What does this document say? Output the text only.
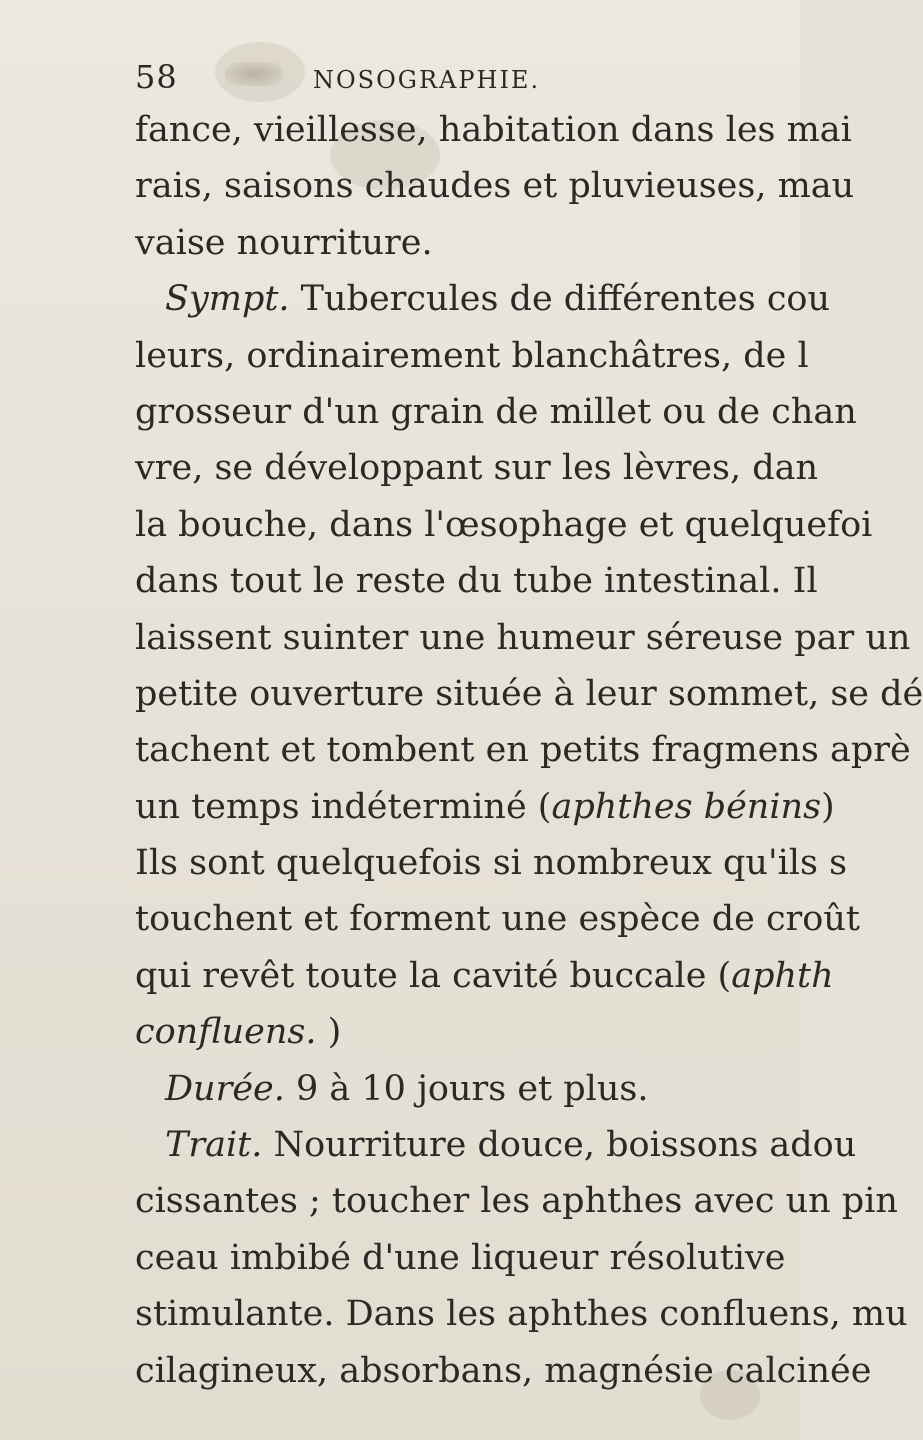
58	NOSOGRAPHIE.
fance, vieillesse, habitation dans les mai
rais, saisons chaudes et pluvieuses, mau
vaise nourriture.
Sympt. Tubercules de différentes cou
leurs, ordinairement blanchâtres, de l
grosseur d'un grain de millet ou de chan
vre, se développant sur les lèvres, dan
la bouche, dans l'œsophage et quelquefoi
dans tout le reste du tube intestinal. Il
laissent suinter une humeur séreuse par un
petite ouverture située à leur sommet, se dé
tachent et tombent en petits fragmens aprè
un temps indéterminé (aphthes bénins)
Ils sont quelquefois si nombreux qu'ils s
touchent et forment une espèce de croût
qui revêt toute la cavité buccale (aphth
confluens. )
Durée. 9 à 10 jours et plus.
Trait. Nourriture douce, boissons adou
cissantes ; toucher les aphthes avec un pin
ceau imbibé d'une liqueur résolutive
stimulante. Dans les aphthes confluens, mu
cilagineux, absorbans, magnésie calcinée
